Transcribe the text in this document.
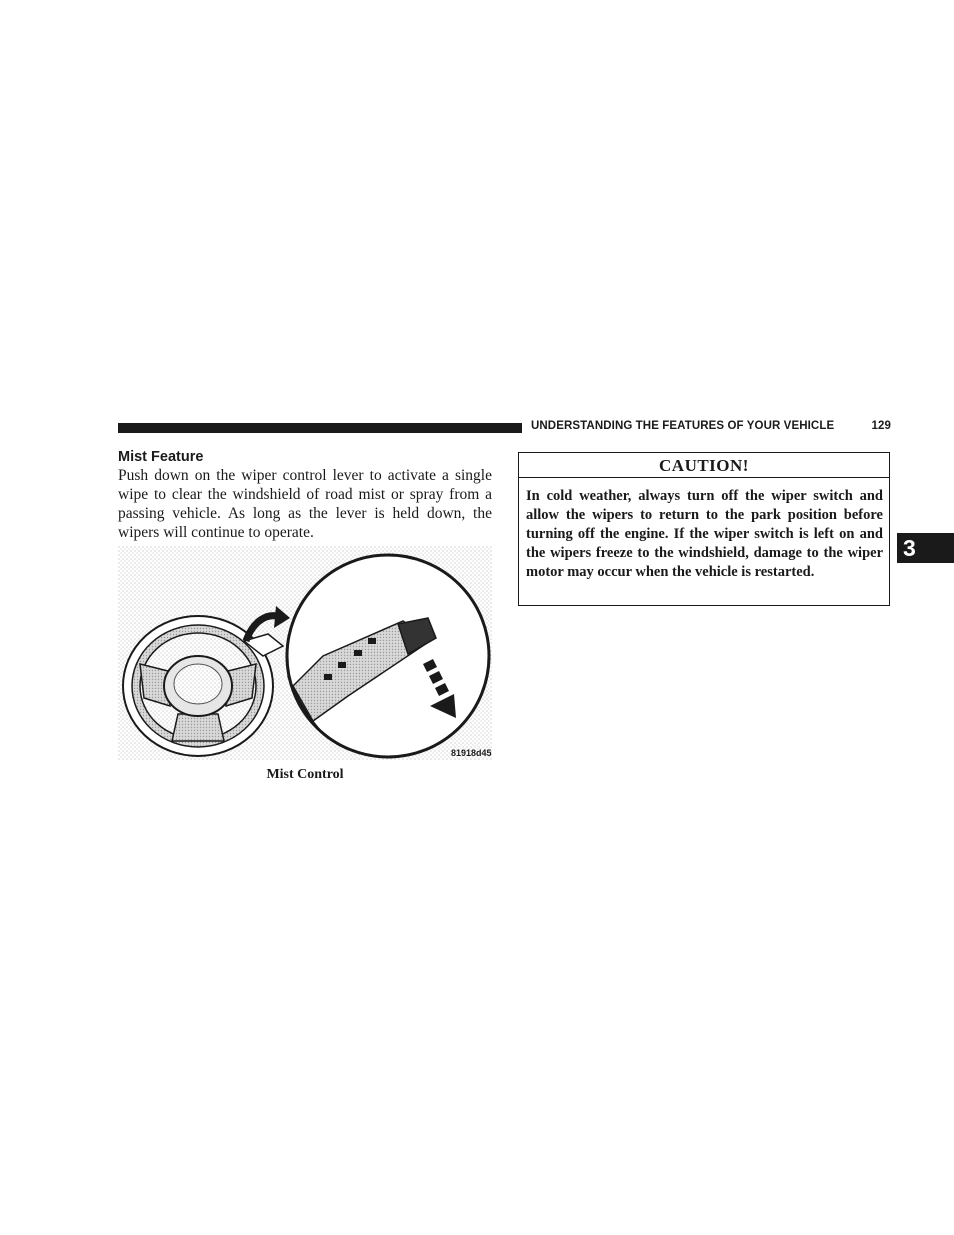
UNDERSTANDING THE FEATURES OF YOUR VEHICLE	129
Mist Feature

Push down on the wiper control lever to activate a single wipe to clear the windshield of road mist or spray from a passing vehicle. As long as the lever is held down, the wipers will continue to operate.

81918d45
Mist Control
CAUTION!
In cold weather, always turn off the wiper switch and allow the wipers to return to the park position before turning off the engine. If the wiper switch is left on and the wipers freeze to the windshield, damage to the wiper motor may occur when the vehicle is restarted.
3
